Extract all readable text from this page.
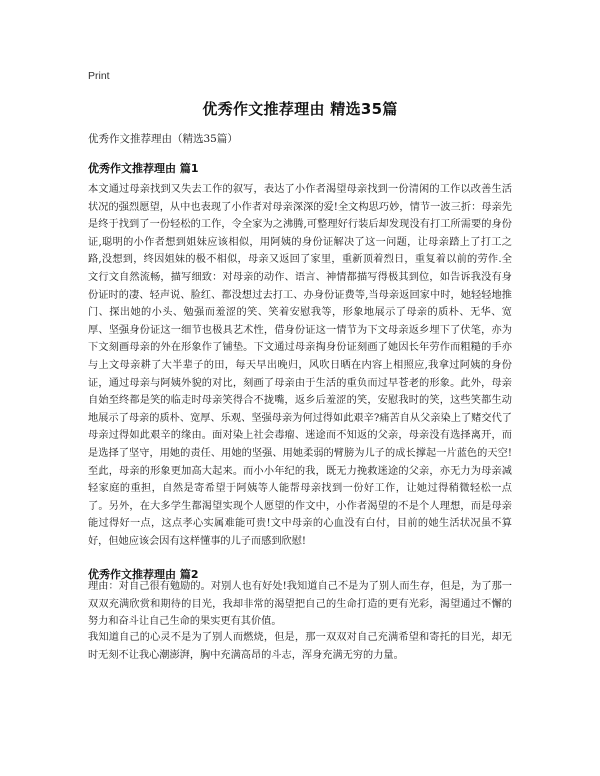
Print
优秀作文推荐理由 精选35篇
优秀作文推荐理由（精选35篇）
优秀作文推荐理由 篇1

本文通过母亲找到又失去工作的叙写，表达了小作者渴望母亲找到一份清闲的工作以改善生活状况的强烈愿望，从中也表现了小作者对母亲深深的爱!全文构思巧妙，情节一波三折：母亲先是终于找到了一份轻松的工作，令全家为之沸腾,可整理好行装后却发现没有打工所需要的身份证,聪明的小作者想到姐妹应该相似，用阿姨的身份证解决了这一问题，让母亲踏上了打工之路,没想到，终因姐妹的极不相似，母亲又返回了家里，重新顶着烈日，重复着以前的劳作.全文行文自然流畅，描写细致：对母亲的动作、语言、神情都描写得极其到位，如告诉我没有身份证时的凄、轻声说、脸红、都没想过去打工、办身份证费等,当母亲返回家中时，她轻轻地推门、探出她的小头、勉强而羞涩的笑、笑着安慰我等，形象地展示了母亲的质朴、无华、宽厚、坚强身份证这一细节也极具艺术性，借身份证这一情节为下文母亲返乡埋下了伏笔，亦为下文刻画母亲的外在形象作了铺垫。下文通过母亲掏身份证刻画了她因长年劳作而粗糙的手亦与上文母亲耕了大半辈子的田，每天早出晚归，风吹日晒在内容上相照应,我拿过阿姨的身份证，通过母亲与阿姨外貌的对比，刻画了母亲由于生活的重负而过早苍老的形象。此外，母亲自始至终都是笑的临走时母亲笑得合不拢嘴，返乡后羞涩的笑，安慰我时的笑，这些笑都生动地展示了母亲的质朴、宽厚、乐观、坚强母亲为何过得如此艰辛?痛苦自从父亲染上了赌交代了母亲过得如此艰辛的缘由。面对染上社会毒瘤、迷途而不知返的父亲，母亲没有选择离开，而是选择了坚守，用她的责任、用她的坚强、用她柔弱的臂膀为儿子的成长撑起一片蓝色的天空!至此，母亲的形象更加高大起来。而小小年纪的我，既无力挽救迷途的父亲，亦无力为母亲减轻家庭的重担，自然是寄希望于阿姨等人能帮母亲找到一份好工作，让她过得稍微轻松一点了。另外，在大多学生都渴望实现个人愿望的作文中，小作者渴望的不是个人理想，而是母亲能过得好一点，这点孝心实属难能可贵!文中母亲的心血没有白付，目前的她生活状况虽不算好，但她应该会因有这样懂事的儿子而感到欣慰!

优秀作文推荐理由 篇2

理由：对自己很有勉励的。对别人也有好处!我知道自己不是为了别人而生存，但是，为了那一双双充满欣赏和期待的目光，我却非常的渴望把自己的生命打造的更有光彩，渴望通过不懈的努力和奋斗让自己生命的果实更有其价值。

我知道自己的心灵不是为了别人而燃烧，但是，那一双双对自己充满希望和寄托的目光，却无时无刻不让我心潮澎湃，胸中充满高昂的斗志，浑身充满无穷的力量。
